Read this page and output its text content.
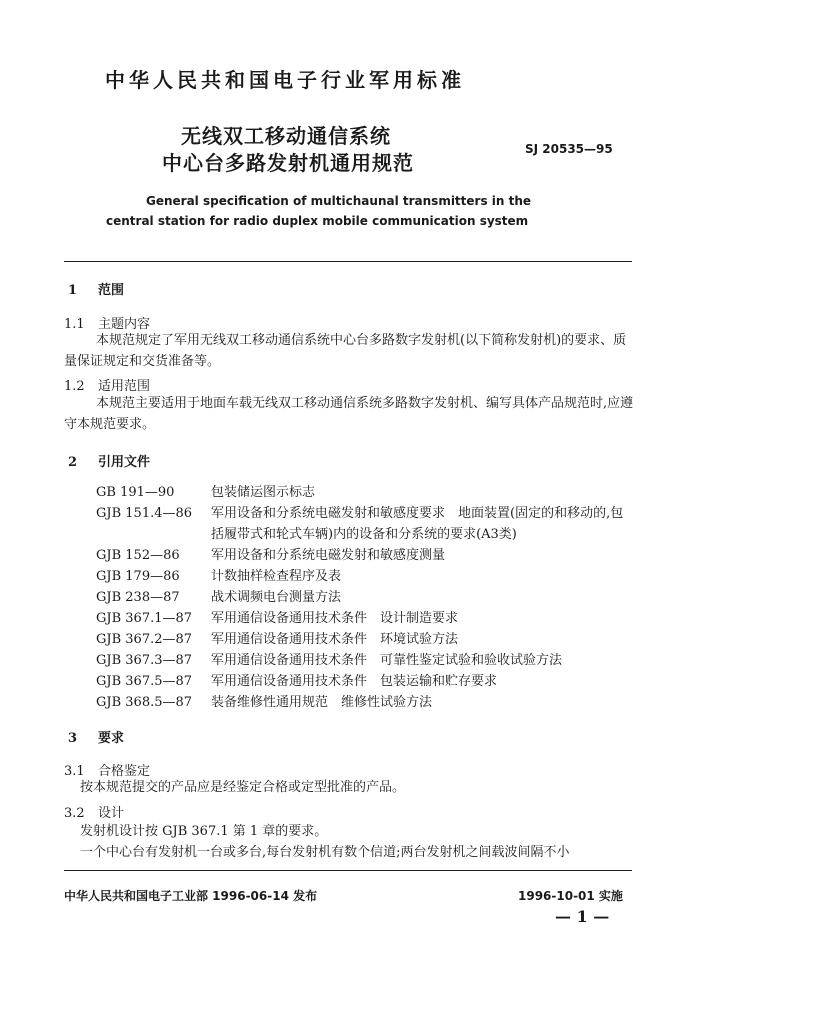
中华人民共和国电子行业军用标准
无线双工移动通信系统
中心台多路发射机通用规范
SJ 20535—95
General specification of multichaunal transmitters in the
central station for radio duplex mobile communication system
1 范围
1.1 主题内容
本规范规定了军用无线双工移动通信系统中心台多路数字发射机(以下简称发射机)的要求、质量保证规定和交货准备等。
1.2 适用范围
本规范主要适用于地面车载无线双工移动通信系统多路数字发射机、编写具体产品规范时,应遵守本规范要求。
2 引用文件
GB 191—90	包装储运图示标志
GJB 151.4—86 军用设备和分系统电磁发射和敏感度要求　地面装置(固定的和移动的,包括履带式和轮式车辆)内的设备和分系统的要求(A3类)
GJB 152—86 军用设备和分系统电磁发射和敏感度测量
GJB 179—86 计数抽样检查程序及表
GJB 238—87 战术调频电台测量方法
GJB 367.1—87 军用通信设备通用技术条件　设计制造要求
GJB 367.2—87 军用通信设备通用技术条件　环境试验方法
GJB 367.3—87 军用通信设备通用技术条件　可靠性鉴定试验和验收试验方法
GJB 367.5—87 军用通信设备通用技术条件　包装运输和贮存要求
GJB 368.5—87 装备维修性通用规范　维修性试验方法
3 要求
3.1 合格鉴定
按本规范提交的产品应是经鉴定合格或定型批准的产品。
3.2 设计
发射机设计按 GJB 367.1 第 1 章的要求。
一个中心台有发射机一台或多台,每台发射机有数个信道;两台发射机之间载波间隔不小
中华人民共和国电子工业部 1996-06-14 发布	1996-10-01 实施
— 1 —
